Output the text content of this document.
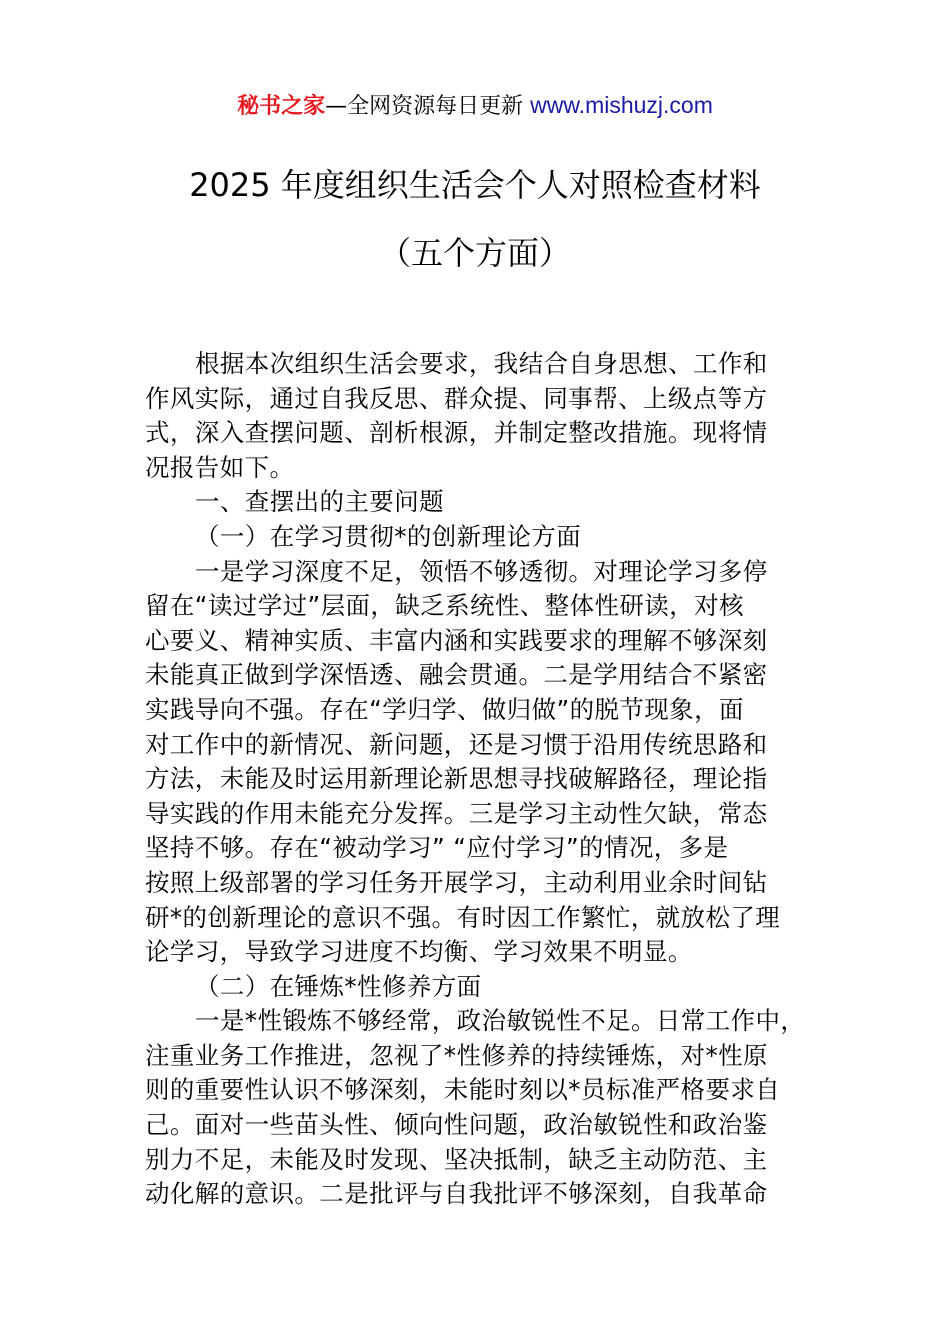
秘书之家—全网资源每日更新 www.mishuzj.com
2025 年度组织生活会个人对照检查材料
（五个方面）
根据本次组织生活会要求，我结合自身思想、工作和
作风实际，通过自我反思、群众提、同事帮、上级点等方
式，深入查摆问题、剖析根源，并制定整改措施。现将情
况报告如下。
一、查摆出的主要问题
（一）在学习贯彻*的创新理论方面
一是学习深度不足，领悟不够透彻。对理论学习多停
留在“读过学过”层面，缺乏系统性、整体性研读，对核
心要义、精神实质、丰富内涵和实践要求的理解不够深刻
未能真正做到学深悟透、融会贯通。二是学用结合不紧密
实践导向不强。存在“学归学、做归做”的脱节现象，面
对工作中的新情况、新问题，还是习惯于沿用传统思路和
方法，未能及时运用新理论新思想寻找破解路径，理论指
导实践的作用未能充分发挥。三是学习主动性欠缺，常态
坚持不够。存在“被动学习” “应付学习”的情况，多是
按照上级部署的学习任务开展学习，主动利用业余时间钻
研*的创新理论的意识不强。有时因工作繁忙，就放松了理
论学习，导致学习进度不均衡、学习效果不明显。
（二）在锤炼*性修养方面
一是*性锻炼不够经常，政治敏锐性不足。日常工作中，
注重业务工作推进，忽视了*性修养的持续锤炼，对*性原
则的重要性认识不够深刻，未能时刻以*员标准严格要求自
己。面对一些苗头性、倾向性问题，政治敏锐性和政治鉴
别力不足，未能及时发现、坚决抵制，缺乏主动防范、主
动化解的意识。二是批评与自我批评不够深刻，自我革命
